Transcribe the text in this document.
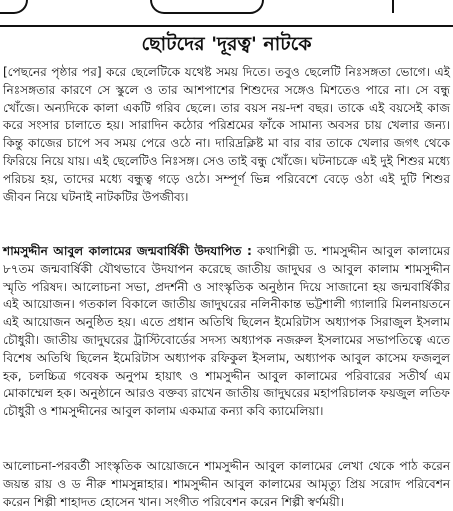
ছোটদের 'দূরত্ব' নাটকে
[পেছনের পৃষ্ঠার পর] করে ছেলেটিকে যথেষ্ট সময় দিতে। তবুও ছেলেটি নিঃসঙ্গতা ভোগে। এই নিঃসঙ্গতার কারণে সে স্কুলে ও তার আশপাশের শিশুদের সঙ্গেও মিশতেও পারে না। সে বন্ধু খোঁজে। অন্যদিকে কালা একটি গরিব ছেলে। তার বয়স নয়-দশ বছর। তাকে এই বয়সেই কাজ করে সংসার চালাতে হয়। সারাদিন কঠোর পরিশ্রমের ফাঁকে সামান্য অবসর চায় খেলার জন্য। কিন্তু কাজের চাপে সব সময় পেরে ওঠে না। দারিদ্রক্লিষ্ট মা বার বার তাকে খেলার জগৎ থেকে ফিরিয়ে নিয়ে যায়। এই ছেলেটিও নিঃসঙ্গ। সেও তাই বন্ধু খোঁজে। ঘটনাচক্রে এই দুই শিশুর মধ্যে পরিচয় হয়, তাদের মধ্যে বন্ধুত্ব গড়ে ওঠে। সম্পূর্ণ ভিন্ন পরিবেশে বেড়ে ওঠা এই দুটি শিশুর জীবন নিয়ে ঘটনাই নাটকটির উপজীব্য।
শামসুদ্দীন আবুল কালামের জন্মবার্ষিকী উদযাপিত : কথাশিল্পী ড. শামসুদ্দীন আবুল কালামের ৮৭তম জন্মবার্ষিকী যৌথভাবে উদযাপন করেছে জাতীয় জাদুঘর ও আবুল কালাম শামসুদ্দীন স্মৃতি পরিষদ। আলোচনা সভা, প্রদর্শনী ও সাংস্কৃতিক অনুষ্ঠান দিয়ে সাজানো হয় জন্মবার্ষিকীর এই আয়োজন। গতকাল বিকালে জাতীয় জাদুঘরের নলিনীকান্ত ভট্টশালী গ্যালারি মিলনায়তনে এই আয়োজন অনুষ্ঠিত হয়। এতে প্রধান অতিথি ছিলেন ইমেরিটাস অধ্যাপক সিরাজুল ইসলাম চৌধুরী। জাতীয় জাদুঘরের ট্রাস্টিবোর্ডের সদস্য অধ্যাপক নজরুল ইসলামের সভাপতিত্বে এতে বিশেষ অতিথি ছিলেন ইমেরিটাস অধ্যাপক রফিকুল ইসলাম, অধ্যাপক আবুল কাসেম ফজলুল হক, চলচ্চিত্র গবেষক অনুপম হায়াৎ ও শামসুদ্দীন আবুল কালামের পরিবারের সতীর্থ এম মোকাম্মেল হক। অনুষ্ঠানে আরও বক্তব্য রাখেন জাতীয় জাদুঘরের মহাপরিচালক ফয়জুল লতিফ চৌধুরী ও শামসুদ্দীনের আবুল কালাম একমাত্র কন্যা কবি ক্যামেলিয়া।
আলোচনা-পরবর্তী সাংস্কৃতিক আয়োজনে শামসুদ্দীন আবুল কালামের লেখা থেকে পাঠ করেন জয়ন্ত রায় ও ড নীরু শামসুন্নাহার। শামসুদ্দীন আবুল কালামের আমৃত্যু প্রিয় সরোদ পরিবেশন করেন শিল্পী শাহাদত হোসেন খান। সংগীত পরিবেশন করেন শিল্পী স্বর্ণময়ী।
